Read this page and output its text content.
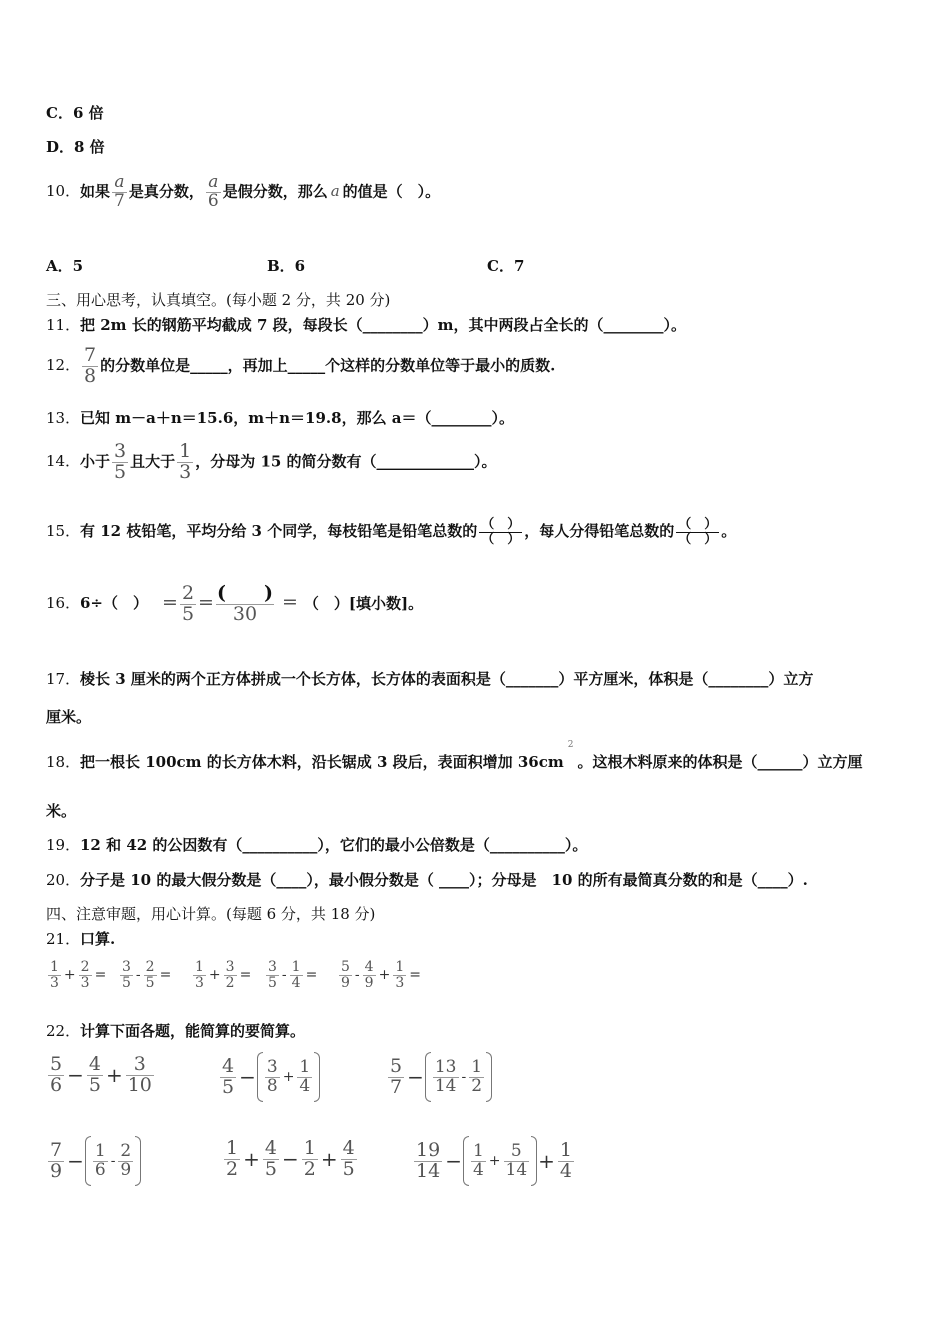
C．6 倍
D．8 倍
10．如果 $\frac{a}{7}$ 是真分数， $\frac{a}{6}$ 是假分数，那么 a 的值是（　）。
A．5	B．6	C．7
三、用心思考，认真填空。(每小题 2 分，共 20 分)
11．把 2m 长的钢筋平均截成 7 段，每段长（________）m，其中两段占全长的（________）。
12． $\frac{7}{8}$ 的分数单位是_____，再加上_____个这样的分数单位等于最小的质数.
13．已知 m－a＋n＝15.6，m＋n＝19.8，那么 a＝（________）。
14．小于 $\frac{3}{5}$ 且大于 $\frac{1}{3}$ ，分母为 15 的简分数有（_____________）。
15．有 12 枝铅笔，平均分给 3 个同学，每枝铅笔是铅笔总数的 $\frac{( )}{( )}$ ，每人分得铅笔总数的 $\frac{( )}{( )}$ 。
16．6÷（　） = $\frac{2}{5} = \frac{( )}{30}$ = （　）[填小数]。
17．棱长 3 厘米的两个正方体拼成一个长方体，长方体的表面积是（_______）平方厘米，体积是（________）立方
厘米。
18．把一根长 100cm 的长方体木料，沿长锯成 3 段后，表面积增加 $36cm^2$。这根木料原来的体积是（______）立方厘
米。
19．12 和 42 的公因数有（__________），它们的最小公倍数是（__________）。
20．分子是 10 的最大假分数是（____），最小假分数是（ ____）；分母是　10 的所有最简真分数的和是（____）.
四、注意审题，用心计算。(每题 6 分，共 18 分)
21．口算.
$\frac{1}{3} + \frac{2}{3} = \frac{3}{5} - \frac{2}{5} = \frac{1}{3} + \frac{3}{2} = \frac{3}{5} - \frac{1}{4} = \frac{5}{9} - \frac{4}{9} + \frac{1}{3}$ =
22．计算下面各题，能简算的要简算。
$\frac{5}{6} - \frac{4}{5} + \frac{3}{10}$	$\frac{4}{5} - \frac{3}{8} + \frac{1}{4}$	$\frac{5}{7} - \frac{13}{14} - \frac{1}{2}$
$\frac{7}{9} - \frac{1}{6} - \frac{2}{9}$	$\frac{1}{2} + \frac{4}{5} - \frac{1}{2} + \frac{4}{5}$	$\frac{19}{14} - \frac{1}{4} + \frac{5}{14} + \frac{1}{4}$
